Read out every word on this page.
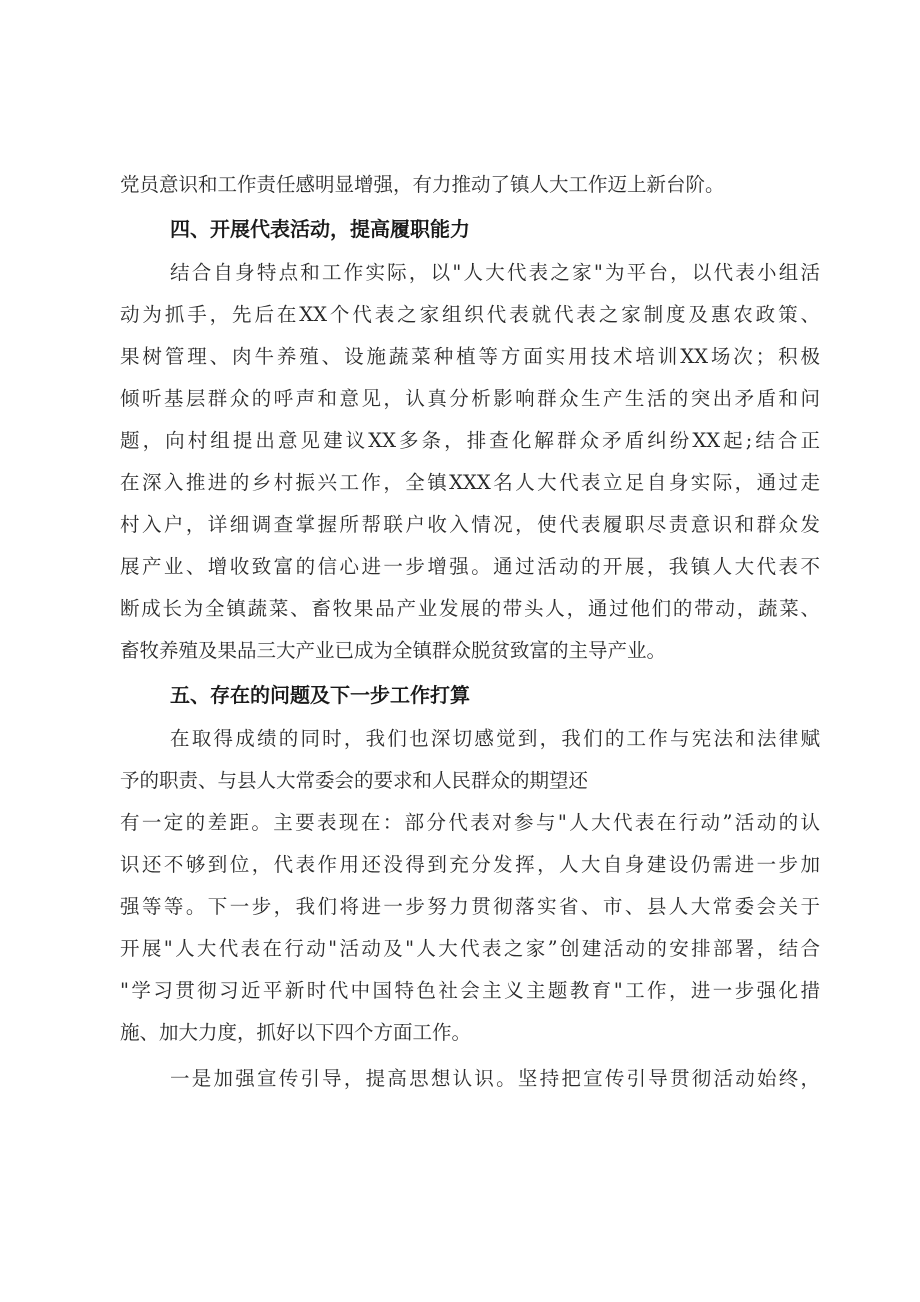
党员意识和工作责任感明显增强，有力推动了镇人大工作迈上新台阶。
四、开展代表活动，提高履职能力
结合自身特点和工作实际，以"人大代表之家"为平台，以代表小组活
动为抓手，先后在XX个代表之家组织代表就代表之家制度及惠农政策、
果树管理、肉牛养殖、设施蔬菜种植等方面实用技术培训XX场次；积极
倾听基层群众的呼声和意见，认真分析影响群众生产生活的突出矛盾和问
题，向村组提出意见建议XX多条，排查化解群众矛盾纠纷XX起;结合正
在深入推进的乡村振兴工作，全镇XXX名人大代表立足自身实际，通过走
村入户，详细调查掌握所帮联户收入情况，使代表履职尽责意识和群众发
展产业、增收致富的信心进一步增强。通过活动的开展，我镇人大代表不
断成长为全镇蔬菜、畜牧果品产业发展的带头人，通过他们的带动，蔬菜、
畜牧养殖及果品三大产业已成为全镇群众脱贫致富的主导产业。
五、存在的问题及下一步工作打算
在取得成绩的同时，我们也深切感觉到，我们的工作与宪法和法律赋
予的职责、与县人大常委会的要求和人民群众的期望还
有一定的差距。主要表现在：部分代表对参与"人大代表在行动”活动的认
识还不够到位，代表作用还没得到充分发挥，人大自身建设仍需进一步加
强等等。下一步，我们将进一步努力贯彻落实省、市、县人大常委会关于
开展"人大代表在行动"活动及"人大代表之家”创建活动的安排部署，结合
"学习贯彻习近平新时代中国特色社会主义主题教育"工作，进一步强化措
施、加大力度，抓好以下四个方面工作。
一是加强宣传引导，提高思想认识。坚持把宣传引导贯彻活动始终，
